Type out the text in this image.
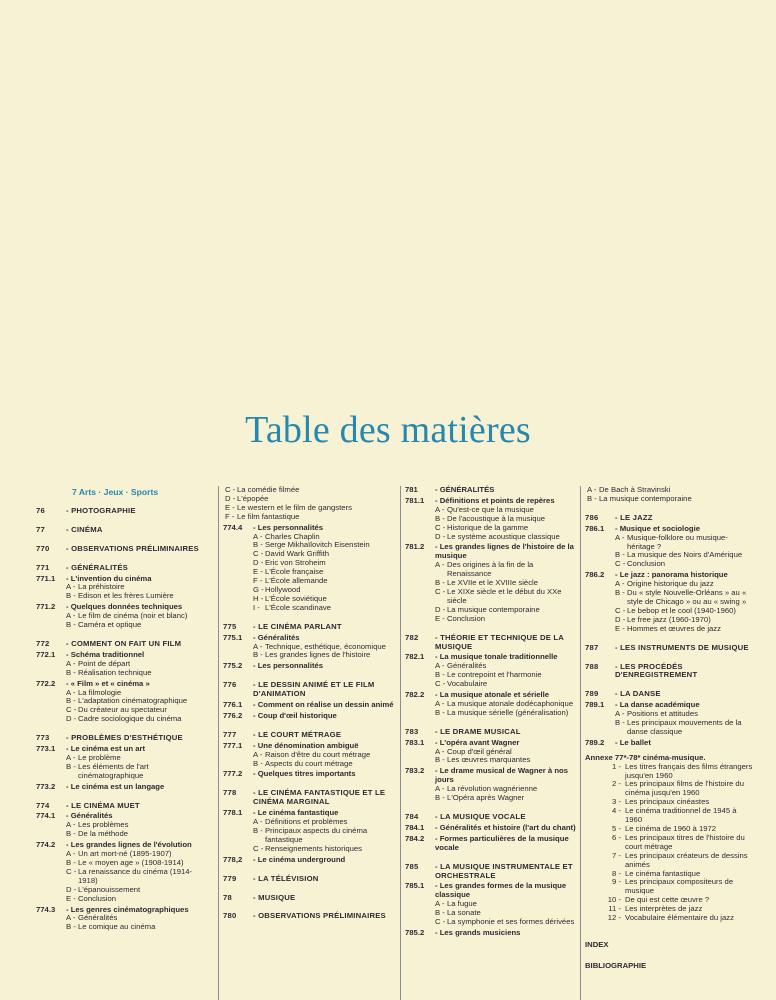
Table des matières
7 Arts · Jeux · Sports
76	- PHOTOGRAPHIE
77	- CINÉMA
770	- OBSERVATIONS PRÉLIMINAIRES
771	- GÉNÉRALITÉS
771.1	- L'invention du cinéma
A - La préhistoire
B - Edison et les frères Lumière
771.2	- Quelques données techniques
A - Le film de cinéma (noir et blanc)
B - Caméra et optique
772	- COMMENT ON FAIT UN FILM
772.1	- Schéma traditionnel
A - Point de départ
B - Réalisation technique
772.2	- « Film » et « cinéma »
A - La filmologie
B - L'adaptation cinématographique
C - Du créateur au spectateur
D - Cadre sociologique du cinéma
773	- PROBLÈMES D'ESTHÉTIQUE
773.1	- Le cinéma est un art
A - Le problème
B - Les éléments de l'art cinématographique
773.2	- Le cinéma est un langage
774	- LE CINÉMA MUET
774.1	- Généralités
A - Les problèmes
B - De la méthode
774.2	- Les grandes lignes de l'évolution
A - Un art mort-né (1895-1907)
B - Le « moyen age » (1908-1914)
C - La renaissance du cinéma (1914-1918)
D - L'épanouissement
E - Conclusion
774.3	- Les genres cinématographiques
A - Généralités
B - Le comique au cinéma
C - La comédie filmée
D - L'épopée
E - Le western et le film de gangsters
F - Le film fantastique
774.4	- Les personnalités
A - Charles Chaplin
B - Serge Mikhaïlovitch Eisenstein
C - David Wark Griffith
D - Eric von Stroheim
E - L'École française
F - L'École allemande
G - Hollywood
H - L'École soviétique
I - L'École scandinave
775	- LE CINÉMA PARLANT
775.1	- Généralités
A - Technique, esthétique, économique
B - Les grandes lignes de l'histoire
775.2	- Les personnalités
776	- LE DESSIN ANIMÉ ET LE FILM D'ANIMATION
776.1	- Comment on réalise un dessin animé
776.2	- Coup d'œil historique
777	- LE COURT MÉTRAGE
777.1	- Une dénomination ambiguë
A - Raison d'être du court métrage
B - Aspects du court métrage
777.2	- Quelques titres importants
778	- LE CINÉMA FANTASTIQUE ET LE CINÉMA MARGINAL
778.1	- Le cinéma fantastique
A - Définitions et problèmes
B - Principaux aspects du cinéma fantastique
C - Renseignements historiques
778,2	- Le cinéma underground
779	- LA TÉLÉVISION
78	- MUSIQUE
780	- OBSERVATIONS PRÉLIMINAIRES
781	- GÉNÉRALITÉS
781.1	- Définitions et points de repères
A - Qu'est-ce que la musique
B - De l'acoustique à la musique
C - Historique de la gamme
D - Le système acoustique classique
781.2	- Les grandes lignes de l'histoire de la musique
A - Des origines à la fin de la Renaissance
B - Le XVIIe et le XVIIIe siècle
C - Le XIXe siècle et le début du XXe siècle
D - La musique contemporaine
E - Conclusion
782	- THÉORIE ET TECHNIQUE DE LA MUSIQUE
782.1	- La musique tonale traditionnelle
A - Généralités
B - Le contrepoint et l'harmonie
C - Vocabulaire
782.2	- La musique atonale et sérielle
A - La musique atonale dodécaphonique
B - La musique sérielle (généralisation)
783	- LE DRAME MUSICAL
783.1	- L'opéra avant Wagner
A - Coup d'œil général
B - Les œuvres marquantes
783.2	- Le drame musical de Wagner à nos jours
A - La révolution wagnérienne
B - L'Opéra après Wagner
784	- LA MUSIQUE VOCALE
784.1	- Généralités et histoire (l'art du chant)
784.2	- Formes particulières de la musique vocale
785	- LA MUSIQUE INSTRUMENTALE ET ORCHESTRALE
785.1	- Les grandes formes de la musique classique
A - La fugue
B - La sonate
C - La symphonie et ses formes dérivées
785.2	- Les grands musiciens
A - De Bach à Stravinski
B - La musique contemporaine
786	- LE JAZZ
786.1	- Musique et sociologie
A - Musique-folklore ou musique-héritage ?
B - La musique des Noirs d'Amérique
C - Conclusion
786.2	- Le jazz : panorama historique
A - Origine historique du jazz
B - Du « style Nouvelle-Orléans » au « style de Chicago » ou au « swing »
C - Le bebop et le cool (1940-1960)
D - Le free jazz (1960-1970)
E - Hommes et œuvres de jazz
787	- LES INSTRUMENTS DE MUSIQUE
788	- LES PROCÉDÉS D'ENREGISTREMENT
789	- LA DANSE
789.1	- La danse académique
A - Positions et attitudes
B - Les principaux mouvements de la danse classique
789.2	- Le ballet
Annexe 77*-78* cinéma-musique.
1 - Les titres français des films étrangers jusqu'en 1960
2 - Les principaux films de l'histoire du cinéma jusqu'en 1960
3 - Les principaux cinéastes
4 - Le cinéma traditionnel de 1945 à 1960
5 - Le cinéma de 1960 à 1972
6 - Les principaux titres de l'histoire du court métrage
7 - Les principaux créateurs de dessins animés
8 - Le cinéma fantastique
9 - Les principaux compositeurs de musique
10 - De qui est cette œuvre ?
11 - Les interprètes de jazz
12 - Vocabulaire élémentaire du jazz
INDEX
BIBLIOGRAPHIE
